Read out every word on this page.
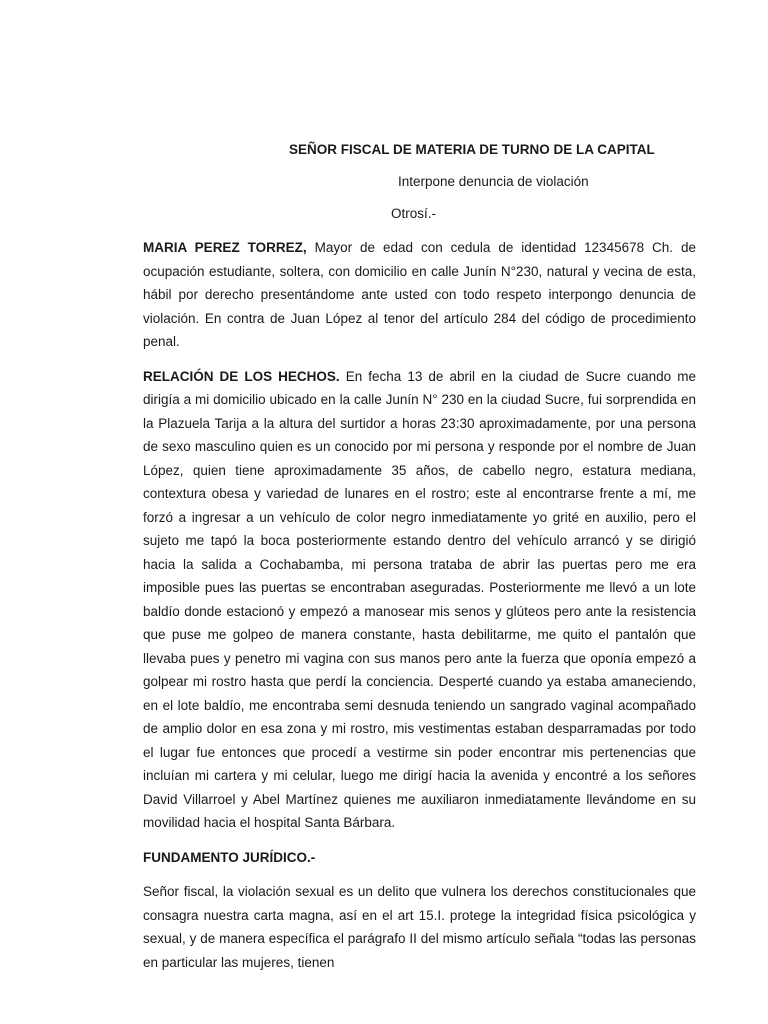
SEÑOR FISCAL DE MATERIA DE TURNO DE LA CAPITAL
Interpone denuncia de violación
Otrosí.-

MARIA PEREZ TORREZ, Mayor de edad con cedula de identidad 12345678 Ch. de ocupación estudiante, soltera, con domicilio en calle Junín N°230, natural y vecina de esta, hábil por derecho presentándome ante usted con todo respeto interpongo denuncia de violación. En contra de Juan López al tenor del artículo 284 del código de procedimiento penal.

RELACIÓN DE LOS HECHOS. En fecha 13 de abril en la ciudad de Sucre cuando me dirigía a mi domicilio ubicado en la calle Junín N° 230 en la ciudad Sucre, fui sorprendida en la Plazuela Tarija a la altura del surtidor a horas 23:30 aproximadamente, por una persona de sexo masculino quien es un conocido por mi persona y responde por el nombre de Juan López, quien tiene aproximadamente 35 años, de cabello negro, estatura mediana, contextura obesa y variedad de lunares en el rostro; este al encontrarse frente a mí, me forzó a ingresar a un vehículo de color negro inmediatamente yo grité en auxilio, pero el sujeto me tapó la boca posteriormente estando dentro del vehículo arrancó y se dirigió hacia la salida a Cochabamba, mi persona trataba de abrir las puertas pero me era imposible pues las puertas se encontraban aseguradas. Posteriormente me llevó a un lote baldío donde estacionó y empezó a manosear mis senos y glúteos pero ante la resistencia que puse me golpeo de manera constante, hasta debilitarme, me quito el pantalón que llevaba pues y penetro mi vagina con sus manos pero ante la fuerza que oponía empezó a golpear mi rostro hasta que perdí la conciencia. Desperté cuando ya estaba amaneciendo, en el lote baldío, me encontraba semi desnuda teniendo un sangrado vaginal acompañado de amplio dolor en esa zona y mi rostro, mis vestimentas estaban desparramadas por todo el lugar fue entonces que procedí a vestirme sin poder encontrar mis pertenencias que incluían mi cartera y mi celular, luego me dirigí hacia la avenida y encontré a los señores David Villarroel y Abel Martínez quienes me auxiliaron inmediatamente llevándome en su movilidad hacia el hospital Santa Bárbara.

FUNDAMENTO JURÍDICO.-

Señor fiscal, la violación sexual es un delito que vulnera los derechos constitucionales que consagra nuestra carta magna, así en el art 15.I. protege la integridad física psicológica y sexual, y de manera específica el parágrafo II del mismo artículo señala “todas las personas en particular las mujeres, tienen
